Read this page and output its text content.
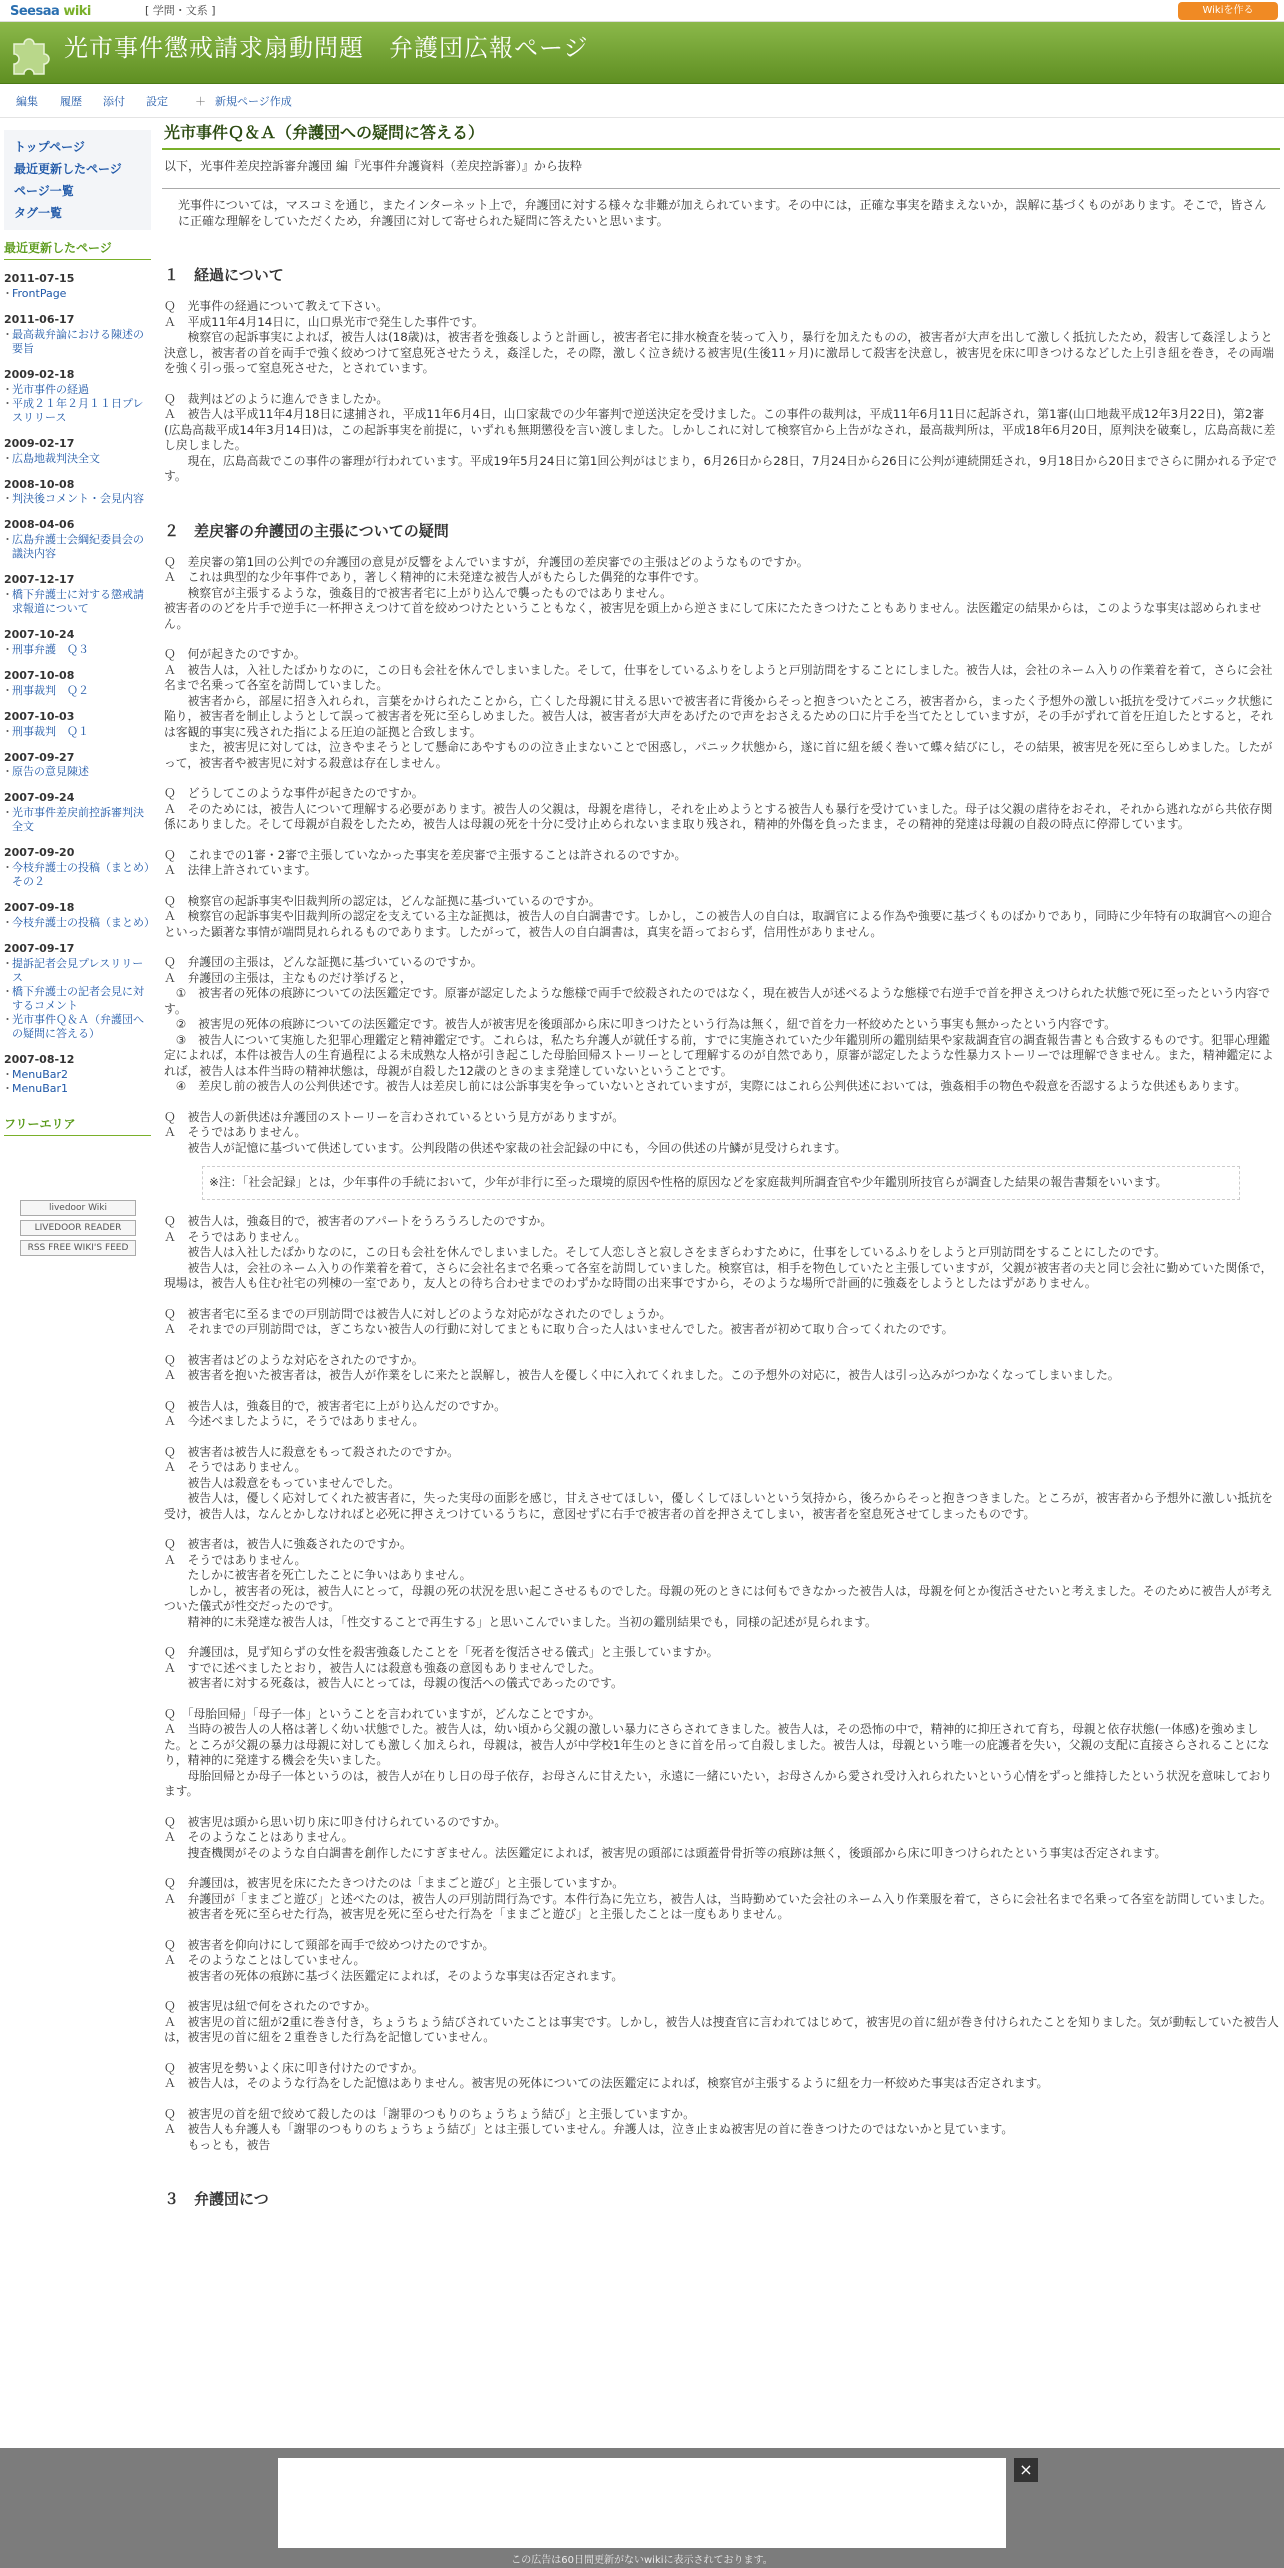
Seesaa wiki	[ 学問・文系 ]	Wikiを作る
光市事件懲戒請求扇動問題　弁護団広報ページ
編集 履歴 添付 設定 ＋ 新規ページ作成
トップページ
最近更新したページ
ページ一覧
タグ一覧
最近更新したページ
2011-07-15
・ FrontPage
2011-06-17
・ 最高裁弁論における陳述の要旨
2009-02-18
・ 光市事件の経過
・ 平成２１年２月１１日プレスリリース
2009-02-17
・ 広島地裁判決全文
2008-10-08
・ 判決後コメント・会見内容
2008-04-06
・ 広島弁護士会綱紀委員会の議決内容
2007-12-17
・ 橋下弁護士に対する懲戒請求報道について
2007-10-24
・ 刑事弁護　Ｑ３
2007-10-08
・ 刑事裁判　Ｑ２
2007-10-03
・ 刑事裁判　Ｑ１
2007-09-27
・ 原告の意見陳述
2007-09-24
・ 光市事件差戻前控訴審判決全文
2007-09-20
・ 今枝弁護士の投稿（まとめ）その２
2007-09-18
・ 今枝弁護士の投稿（まとめ）
2007-09-17
・ 提訴記者会見プレスリリース
・ 橋下弁護士の記者会見に対するコメント
・ 光市事件Ｑ＆Ａ（弁護団への疑問に答える）
2007-08-12
・ MenuBar2
・ MenuBar1
フリーエリア
livedoor Wiki
LIVEDOOR READER
RSS FREE WIKI'S FEED
光市事件Ｑ＆Ａ（弁護団への疑問に答える）
以下，光事件差戻控訴審弁護団 編『光事件弁護資料（差戻控訴審）』から抜粋
光事件については，マスコミを通じ，またインターネット上で，弁護団に対する様々な非難が加えられています。その中には，正確な事実を踏まえないか，誤解に基づくものがあります。そこで，皆さんに正確な理解をしていただくため，弁護団に対して寄せられた疑問に答えたいと思います。
１　経過について

Ｑ　光事件の経過について教えて下さい。

Ａ　平成11年4月14日に，山口県光市で発生した事件です。

　　検察官の起訴事実によれば，被告人は(18歳)は，被害者を強姦しようと計画し，被害者宅に排水検査を装って入り，暴行を加えたものの，被害者が大声を出して激しく抵抗したため，殺害して姦淫しようと決意し，被害者の首を両手で強く絞めつけて窒息死させたうえ，姦淫した，その際，激しく泣き続ける被害児(生後11ヶ月)に激昂して殺害を決意し，被害児を床に叩きつけるなどした上引き紐を巻き，その両端を強く引っ張って窒息死させた，とされています。

Ｑ　裁判はどのように進んできましたか。

Ａ　被告人は平成11年4月18日に逮捕され，平成11年6月4日，山口家裁での少年審判で逆送決定を受けました。この事件の裁判は，平成11年6月11日に起訴され，第1審(山口地裁平成12年3月22日)，第2審(広島高裁平成14年3月14日)は，この起訴事実を前提に，いずれも無期懲役を言い渡しました。しかしこれに対して検察官から上告がなされ，最高裁判所は，平成18年6月20日，原判決を破棄し，広島高裁に差し戻しました。

　　現在，広島高裁でこの事件の審理が行われています。平成19年5月24日に第1回公判がはじまり，6月26日から28日，7月24日から26日に公判が連続開廷され，9月18日から20日までさらに開かれる予定です。

２　差戻審の弁護団の主張についての疑問

Ｑ　差戻審の第1回の公判での弁護団の意見が反響をよんでいますが，弁護団の差戻審での主張はどのようなものですか。

Ａ　これは典型的な少年事件であり，著しく精神的に未発達な被告人がもたらした偶発的な事件です。

　　検察官が主張するような，強姦目的で被害者宅に上がり込んで襲ったものではありません。

被害者ののどを片手で逆手に一杯押さえつけて首を絞めつけたということもなく，被害児を頭上から逆さまにして床にたたきつけたこともありません。法医鑑定の結果からは，このような事実は認められません。

Ｑ　何が起きたのですか。

Ａ　被告人は，入社したばかりなのに，この日も会社を休んでしまいました。そして，仕事をしているふりをしようと戸別訪問をすることにしました。被告人は，会社のネーム入りの作業着を着て，さらに会社名まで名乗って各室を訪問していました。

　　被害者から，部屋に招き入れられ，言葉をかけられたことから，亡くした母親に甘える思いで被害者に背後からそっと抱きついたところ，被害者から，まったく予想外の激しい抵抗を受けてパニック状態に陥り，被害者を制止しようとして誤って被害者を死に至らしめました。被告人は，被害者が大声をあげたので声をおさえるための口に片手を当てたとしていますが，その手がずれて首を圧迫したとすると，それは客観的事実に残された指による圧迫の証拠と合致します。

　　また，被害児に対しては，泣きやまそうとして懸命にあやすものの泣き止まないことで困惑し，パニック状態から，遂に首に紐を緩く巻いて蝶々結びにし，その結果，被害児を死に至らしめました。したがって，被害者や被害児に対する殺意は存在しません。

Ｑ　どうしてこのような事件が起きたのですか。

Ａ　そのためには，被告人について理解する必要があります。被告人の父親は，母親を虐待し，それを止めようとする被告人も暴行を受けていました。母子は父親の虐待をおそれ，それから逃れながら共依存関係にありました。そして母親が自殺をしたため，被告人は母親の死を十分に受け止められないまま取り残され，精神的外傷を負ったまま，その精神的発達は母親の自殺の時点に停滞しています。

Ｑ　これまでの1審・2審で主張していなかった事実を差戻審で主張することは許されるのですか。

Ａ　法律上許されています。

Ｑ　検察官の起訴事実や旧裁判所の認定は，どんな証拠に基づいているのですか。

Ａ　検察官の起訴事実や旧裁判所の認定を支えている主な証拠は，被告人の自白調書です。しかし，この被告人の自白は，取調官による作為や強要に基づくものばかりであり，同時に少年特有の取調官への迎合といった顕著な事情が端問見れられるものであります。したがって，被告人の自白調書は，真実を語っておらず，信用性がありません。

Ｑ　弁護団の主張は，どんな証拠に基づいているのですか。

Ａ　弁護団の主張は，主なものだけ挙げると，

　①　被害者の死体の痕跡についての法医鑑定です。原審が認定したような態様で両手で絞殺されたのではなく，現在被告人が述べるような態様で右逆手で首を押さえつけられた状態で死に至ったという内容です。

　②　被害児の死体の痕跡についての法医鑑定です。被告人が被害児を後頭部から床に叩きつけたという行為は無く，紐で首を力一杯絞めたという事実も無かったという内容です。

　③　被告人について実施した犯罪心理鑑定と精神鑑定です。これらは，私たち弁護人が就任する前，すでに実施されていた少年鑑別所の鑑別結果や家裁調査官の調査報告書とも合致するものです。犯罪心理鑑定によれば，本件は被告人の生育過程による未成熟な人格が引き起こした母胎回帰ストーリーとして理解するのが自然であり，原審が認定したような性暴力ストーリーでは理解できません。また，精神鑑定によれば，被告人は本件当時の精神状態は，母親が自殺した12歳のときのまま発達していないということです。

　④　差戻し前の被告人の公判供述です。被告人は差戻し前には公訴事実を争っていないとされていますが，実際にはこれら公判供述においては，強姦相手の物色や殺意を否認するような供述もあります。

Ｑ　被告人の新供述は弁護団のストーリーを言わされているという見方がありますが。

Ａ　そうではありません。

　　被告人が記憶に基づいて供述しています。公判段階の供述や家裁の社会記録の中にも，今回の供述の片鱗が見受けられます。

※注：「社会記録」とは，少年事件の手続において，少年が非行に至った環境的原因や性格的原因などを家庭裁判所調査官や少年鑑別所技官らが調査した結果の報告書類をいいます。

Ｑ　被告人は，強姦目的で，被害者のアパートをうろうろしたのですか。

Ａ　そうではありません。

　　被告人は入社したばかりなのに，この日も会社を休んでしまいました。そして人恋しさと寂しさをまぎらわすために，仕事をしているふりをしようと戸別訪問をすることにしたのです。

　　被告人は，会社のネーム入りの作業着を着て，さらに会社名まで名乗って各室を訪問していました。検察官は，相手を物色していたと主張していますが，父親が被害者の夫と同じ会社に勤めていた関係で，現場は，被告人も住む社宅の列棟の一室であり，友人との待ち合わせまでのわずかな時間の出来事ですから，そのような場所で計画的に強姦をしようとしたはずがありません。

Ｑ　被害者宅に至るまでの戸別訪問では被告人に対しどのような対応がなされたのでしょうか。

Ａ　それまでの戸別訪問では，ぎこちない被告人の行動に対してまともに取り合った人はいませんでした。被害者が初めて取り合ってくれたのです。

Ｑ　被害者はどのような対応をされたのですか。

Ａ　被害者を抱いた被害者は，被告人が作業をしに来たと誤解し，被告人を優しく中に入れてくれました。この予想外の対応に，被告人は引っ込みがつかなくなってしまいました。

Ｑ　被告人は，強姦目的で，被害者宅に上がり込んだのですか。

Ａ　今述べましたように，そうではありません。

Ｑ　被害者は被告人に殺意をもって殺されたのですか。

Ａ　そうではありません。

　　被告人は殺意をもっていませんでした。

　　被告人は，優しく応対してくれた被害者に，失った実母の面影を感じ，甘えさせてほしい，優しくしてほしいという気持から，後ろからそっと抱きつきました。ところが，被害者から予想外に激しい抵抗を受け，被告人は，なんとかしなければと必死に押さえつけているうちに，意図せずに右手で被害者の首を押さえてしまい，被害者を窒息死させてしまったものです。

Ｑ　被害者は，被告人に強姦されたのですか。

Ａ　そうではありません。

　　たしかに被害者を死亡したことに争いはありません。

　　しかし，被害者の死は，被告人にとって，母親の死の状況を思い起こさせるものでした。母親の死のときには何もできなかった被告人は，母親を何とか復活させたいと考えました。そのために被告人が考えついた儀式が性交だったのです。

　　精神的に未発達な被告人は，「性交することで再生する」と思いこんでいました。当初の鑑別結果でも，同様の記述が見られます。

Ｑ　弁護団は，見ず知らずの女性を殺害強姦したことを「死者を復活させる儀式」と主張していますか。

Ａ　すでに述べましたとおり，被告人には殺意も強姦の意図もありませんでした。

　　被害者に対する死姦は，被告人にとっては，母親の復活への儀式であったのです。

Ｑ　「母胎回帰」「母子一体」ということを言われていますが，どんなことですか。

Ａ　当時の被告人の人格は著しく幼い状態でした。被告人は，幼い頃から父親の激しい暴力にさらされてきました。被告人は，その恐怖の中で，精神的に抑圧されて育ち，母親と依存状態(一体感)を強めました。ところが父親の暴力は母親に対しても激しく加えられ，母親は，被告人が中学校1年生のときに首を吊って自殺しました。被告人は，母親という唯一の庇護者を失い，父親の支配に直接さらされることになり，精神的に発達する機会を失いました。

　　母胎回帰とか母子一体というのは，被告人が在りし日の母子依存，お母さんに甘えたい，永遠に一緒にいたい，お母さんから愛され受け入れられたいという心情をずっと維持したという状況を意味しております。

Ｑ　被害児は頭から思い切り床に叩き付けられているのですか。

Ａ　そのようなことはありません。

　　捜査機関がそのような自白調書を創作したにすぎません。法医鑑定によれば，被害児の頭部には頭蓋骨骨折等の痕跡は無く，後頭部から床に叩きつけられたという事実は否定されます。

Ｑ　弁護団は，被害児を床にたたきつけたのは「ままごと遊び」と主張していますか。

Ａ　弁護団が「ままごと遊び」と述べたのは，被告人の戸別訪問行為です。本件行為に先立ち，被告人は，当時勤めていた会社のネーム入り作業服を着て，さらに会社名まで名乗って各室を訪問していました。

　　被害者を死に至らせた行為，被害児を死に至らせた行為を「ままごと遊び」と主張したことは一度もありません。

Ｑ　被害者を仰向けにして頸部を両手で絞めつけたのですか。

Ａ　そのようなことはしていません。

　　被害者の死体の痕跡に基づく法医鑑定によれば，そのような事実は否定されます。

Ｑ　被害児は紐で何をされたのですか。

Ａ　被害児の首に紐が2重に巻き付き，ちょうちょう結びされていたことは事実です。しかし，被告人は捜査官に言われてはじめて，被害児の首に紐が巻き付けられたことを知りました。気が動転していた被告人は，被害児の首に紐を２重巻きした行為を記憶していません。

Ｑ　被害児を勢いよく床に叩き付けたのですか。

Ａ　被告人は，そのような行為をした記憶はありません。被害児の死体についての法医鑑定によれば，検察官が主張するように紐を力一杯絞めた事実は否定されます。

Ｑ　被害児の首を紐で絞めて殺したのは「謝罪のつもりのちょうちょう結び」と主張していますか。

Ａ　被告人も弁護人も「謝罪のつもりのちょうちょう結び」とは主張していません。弁護人は，泣き止まぬ被害児の首に巻きつけたのではないかと見ています。

　　もっとも，被告

３　弁護団につ
×
この広告は60日間更新がないwikiに表示されております。
